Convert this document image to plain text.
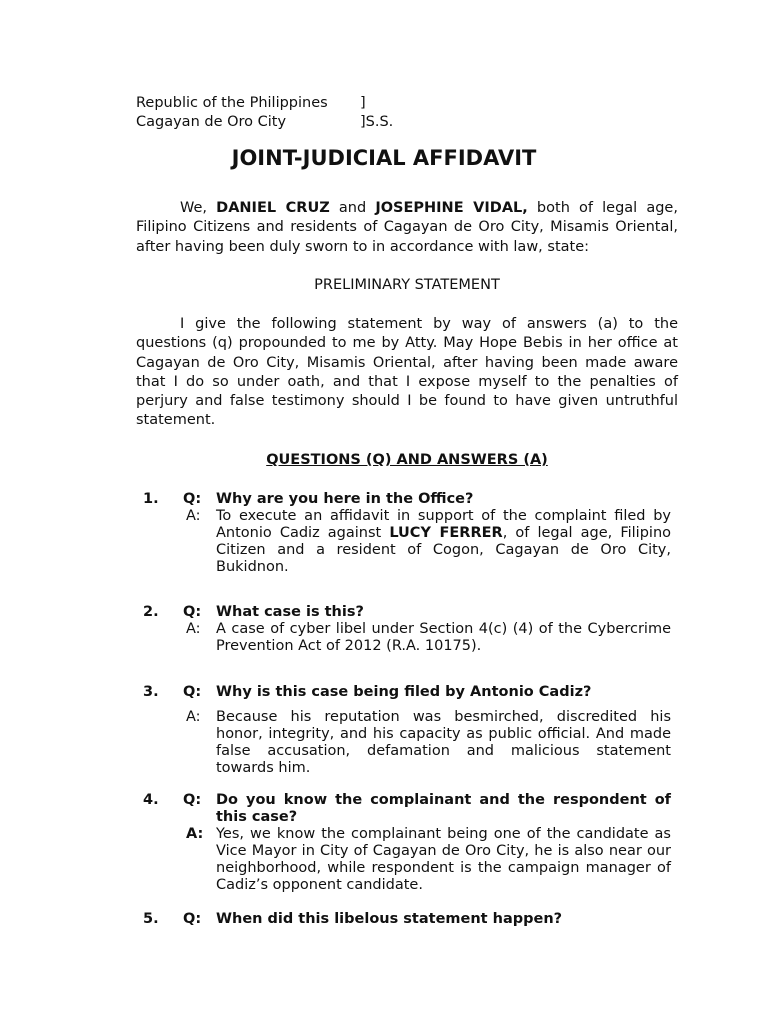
Republic of the Philippines ]
Cagayan de Oro City	]S.S.
JOINT-JUDICIAL AFFIDAVIT
We, DANIEL CRUZ and JOSEPHINE VIDAL, both of legal age, Filipino Citizens and residents of Cagayan de Oro City, Misamis Oriental, after having been duly sworn to in accordance with law, state:
PRELIMINARY STATEMENT
I give the following statement by way of answers (a) to the questions (q) propounded to me by Atty. May Hope Bebis in her office at Cagayan de Oro City, Misamis Oriental, after having been made aware that I do so under oath, and that I expose myself to the penalties of perjury and false testimony should I be found to have given untruthful statement.
QUESTIONS (Q) AND ANSWERS (A)
1. Q: Why are you here in the Office?
A: To execute an affidavit in support of the complaint filed by Antonio Cadiz against LUCY FERRER, of legal age, Filipino Citizen and a resident of Cogon, Cagayan de Oro City, Bukidnon.
2. Q: What case is this?
A: A case of cyber libel under Section 4(c) (4) of the Cybercrime Prevention Act of 2012 (R.A. 10175).
3. Q: Why is this case being filed by Antonio Cadiz?
A: Because his reputation was besmirched, discredited his honor, integrity, and his capacity as public official. And made false accusation, defamation and malicious statement towards him.
4. Q: Do you know the complainant and the respondent of this case?
A: Yes, we know the complainant being one of the candidate as Vice Mayor in City of Cagayan de Oro City, he is also near our neighborhood, while respondent is the campaign manager of Cadiz’s opponent candidate.
5. Q: When did this libelous statement happen?
